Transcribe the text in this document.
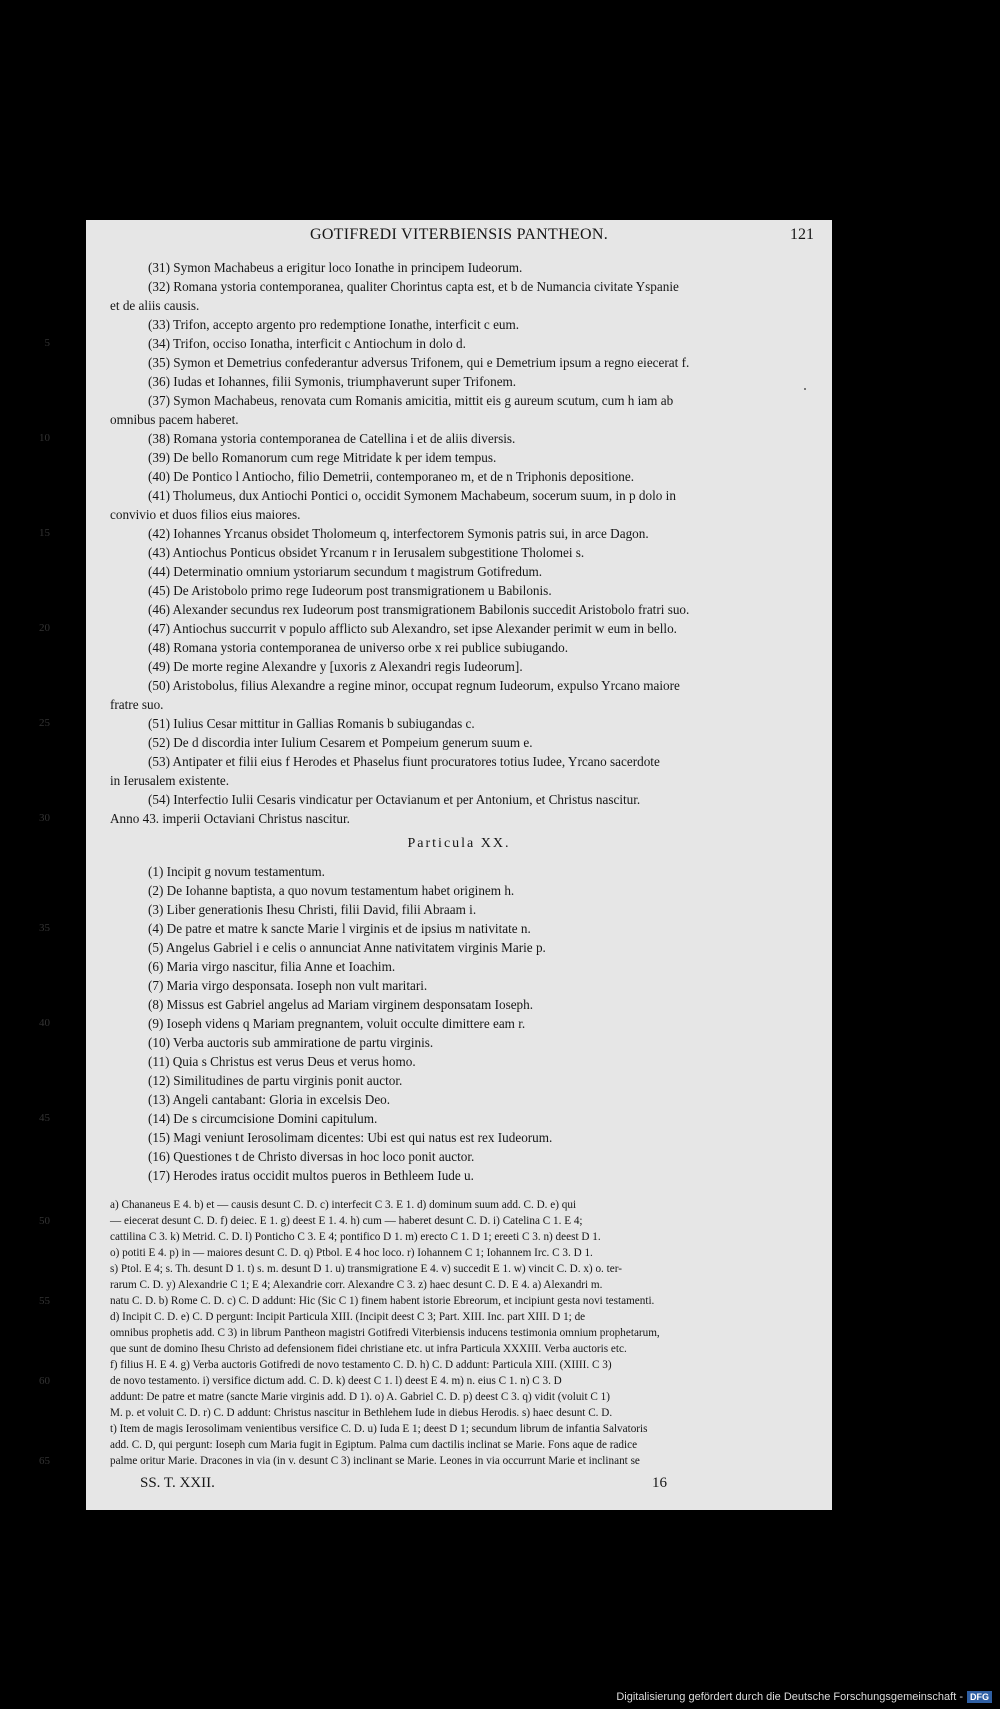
GOTIFREDI VITERBIENSIS PANTHEON.	121
(31) Symon Machabeus a erigitur loco Ionathe in principem Iudeorum.
(32) Romana ystoria contemporanea, qualiter Chorintus capta est, et b de Numancia civitate Yspanie
et de aliis causis.
(33) Trifon, accepto argento pro redemptione Ionathe, interficit c eum.
5	(34) Trifon, occiso Ionatha, interficit c Antiochum in dolo d.
(35) Symon et Demetrius confederantur adversus Trifonem, qui e Demetrium ipsum a regno eiecerat f.
(36) Iudas et Iohannes, filii Symonis, triumphaverunt super Trifonem.
(37) Symon Machabeus, renovata cum Romanis amicitia, mittit eis g aureum scutum, cum h iam ab
omnibus pacem haberet.
10	(38) Romana ystoria contemporanea de Catellina i et de aliis diversis.
(39) De bello Romanorum cum rege Mitridate k per idem tempus.
(40) De Pontico l Antiocho, filio Demetrii, contemporaneo m, et de n Triphonis depositione.
(41) Tholumeus, dux Antiochi Pontici o, occidit Symonem Machabeum, socerum suum, in p dolo in
convivio et duos filios eius maiores.
15	(42) Iohannes Yrcanus obsidet Tholomeum q, interfectorem Symonis patris sui, in arce Dagon.
(43) Antiochus Ponticus obsidet Yrcanum r in Ierusalem subgestitione Tholomei s.
(44) Determinatio omnium ystoriarum secundum t magistrum Gotifredum.
(45) De Aristobolo primo rege Iudeorum post transmigrationem u Babilonis.
(46) Alexander secundus rex Iudeorum post transmigrationem Babilonis succedit Aristobolo fratri suo.
20	(47) Antiochus succurrit v populo afflicto sub Alexandro, set ipse Alexander perimit w eum in bello.
(48) Romana ystoria contemporanea de universo orbe x rei publice subiugando.
(49) De morte regine Alexandre y [uxoris z Alexandri regis Iudeorum].
(50) Aristobolus, filius Alexandre a regine minor, occupat regnum Iudeorum, expulso Yrcano maiore
fratre suo.
25	(51) Iulius Cesar mittitur in Gallias Romanis b subiugandas c.
(52) De d discordia inter Iulium Cesarem et Pompeium generum suum e.
(53) Antipater et filii eius f Herodes et Phaselus fiunt procuratores totius Iudee, Yrcano sacerdote
in Ierusalem existente.
(54) Interfectio Iulii Cesaris vindicatur per Octavianum et per Antonium, et Christus nascitur.
30	Anno 43. imperii Octaviani Christus nascitur.
Particula XX.
(1) Incipit g novum testamentum.
(2) De Iohanne baptista, a quo novum testamentum habet originem h.
(3) Liber generationis Ihesu Christi, filii David, filii Abraam i.
35	(4) De patre et matre k sancte Marie l virginis et de ipsius m nativitate n.
(5) Angelus Gabriel i e celis o annunciat Anne nativitatem virginis Marie p.
(6) Maria virgo nascitur, filia Anne et Ioachim.
(7) Maria virgo desponsata. Ioseph non vult maritari.
(8) Missus est Gabriel angelus ad Mariam virginem desponsatam Ioseph.
40	(9) Ioseph videns q Mariam pregnantem, voluit occulte dimittere eam r.
(10) Verba auctoris sub ammiratione de partu virginis.
(11) Quia s Christus est verus Deus et verus homo.
(12) Similitudines de partu virginis ponit auctor.
(13) Angeli cantabant: Gloria in excelsis Deo.
45	(14) De s circumcisione Domini capitulum.
(15) Magi veniunt Ierosolimam dicentes: Ubi est qui natus est rex Iudeorum.
(16) Questiones t de Christo diversas in hoc loco ponit auctor.
(17) Herodes iratus occidit multos pueros in Bethleem Iude u.
a) Chananeus E 4. b) et — causis desunt C. D. c) interfecit C 3. E 1. d) dominum suum add. C. D. e) qui
50	— eiecerat desunt C. D. f) deiec. E 1. g) deest E 1. 4. h) cum — haberet desunt C. D. i) Catelina C 1. E 4;
cattilina C 3. k) Metrid. C. D. l) Ponticho C 3. E 4; pontifico D 1. m) erecto C 1. D 1; ereeti C 3. n) deest D 1.
o) potiti E 4. p) in — maiores desunt C. D. q) Ptbol. E 4 hoc loco. r) Iohannem C 1; Iohannem Irc. C 3. D 1.
s) Ptol. E 4; s. Th. desunt D 1. t) s. m. desunt D 1. u) transmigratione E 4. v) succedit E 1. w) vincit C. D. x) o. ter-
rarum C. D. y) Alexandrie C 1; E 4; Alexandrie corr. Alexandre C 3. z) haec desunt C. D. E 4. a) Alexandri m.
55	natu C. D. b) Rome C. D. c) C. D addunt: Hic (Sic C 1) finem habent istorie Ebreorum, et incipiunt gesta novi testamenti.
d) Incipit C. D. e) C. D pergunt: Incipit Particula XIII. (Incipit deest C 3; Part. XIII. Inc. part XIII. D 1; de
omnibus prophetis add. C 3) in librum Pantheon magistri Gotifredi Viterbiensis inducens testimonia omnium prophetarum,
que sunt de domino Ihesu Christo ad defensionem fidei christiane etc. ut infra Particula XXXIII. Verba auctoris etc.
f) filius H. E 4. g) Verba auctoris Gotifredi de novo testamento C. D. h) C. D addunt: Particula XIII. (XIIII. C 3)
60	de novo testamento. i) versifice dictum add. C. D. k) deest C 1. l) deest E 4. m) n. eius C 1. n) C 3. D
addunt: De patre et matre (sancte Marie virginis add. D 1). o) A. Gabriel C. D. p) deest C 3. q) vidit (voluit C 1)
M. p. et voluit C. D. r) C. D addunt: Christus nascitur in Bethlehem Iude in diebus Herodis. s) haec desunt C. D.
t) Item de magis Ierosolimam venientibus versifice C. D. u) Iuda E 1; deest D 1; secundum librum de infantia Salvatoris
add. C. D, qui pergunt: Ioseph cum Maria fugit in Egiptum. Palma cum dactilis inclinat se Marie. Fons aque de radice
65	palme oritur Marie. Dracones in via (in v. desunt C 3) inclinant se Marie. Leones in via occurrunt Marie et inclinant se
SS. T. XXII.	16
Digitalisierung gefördert durch die Deutsche Forschungsgemeinschaft - DFG
